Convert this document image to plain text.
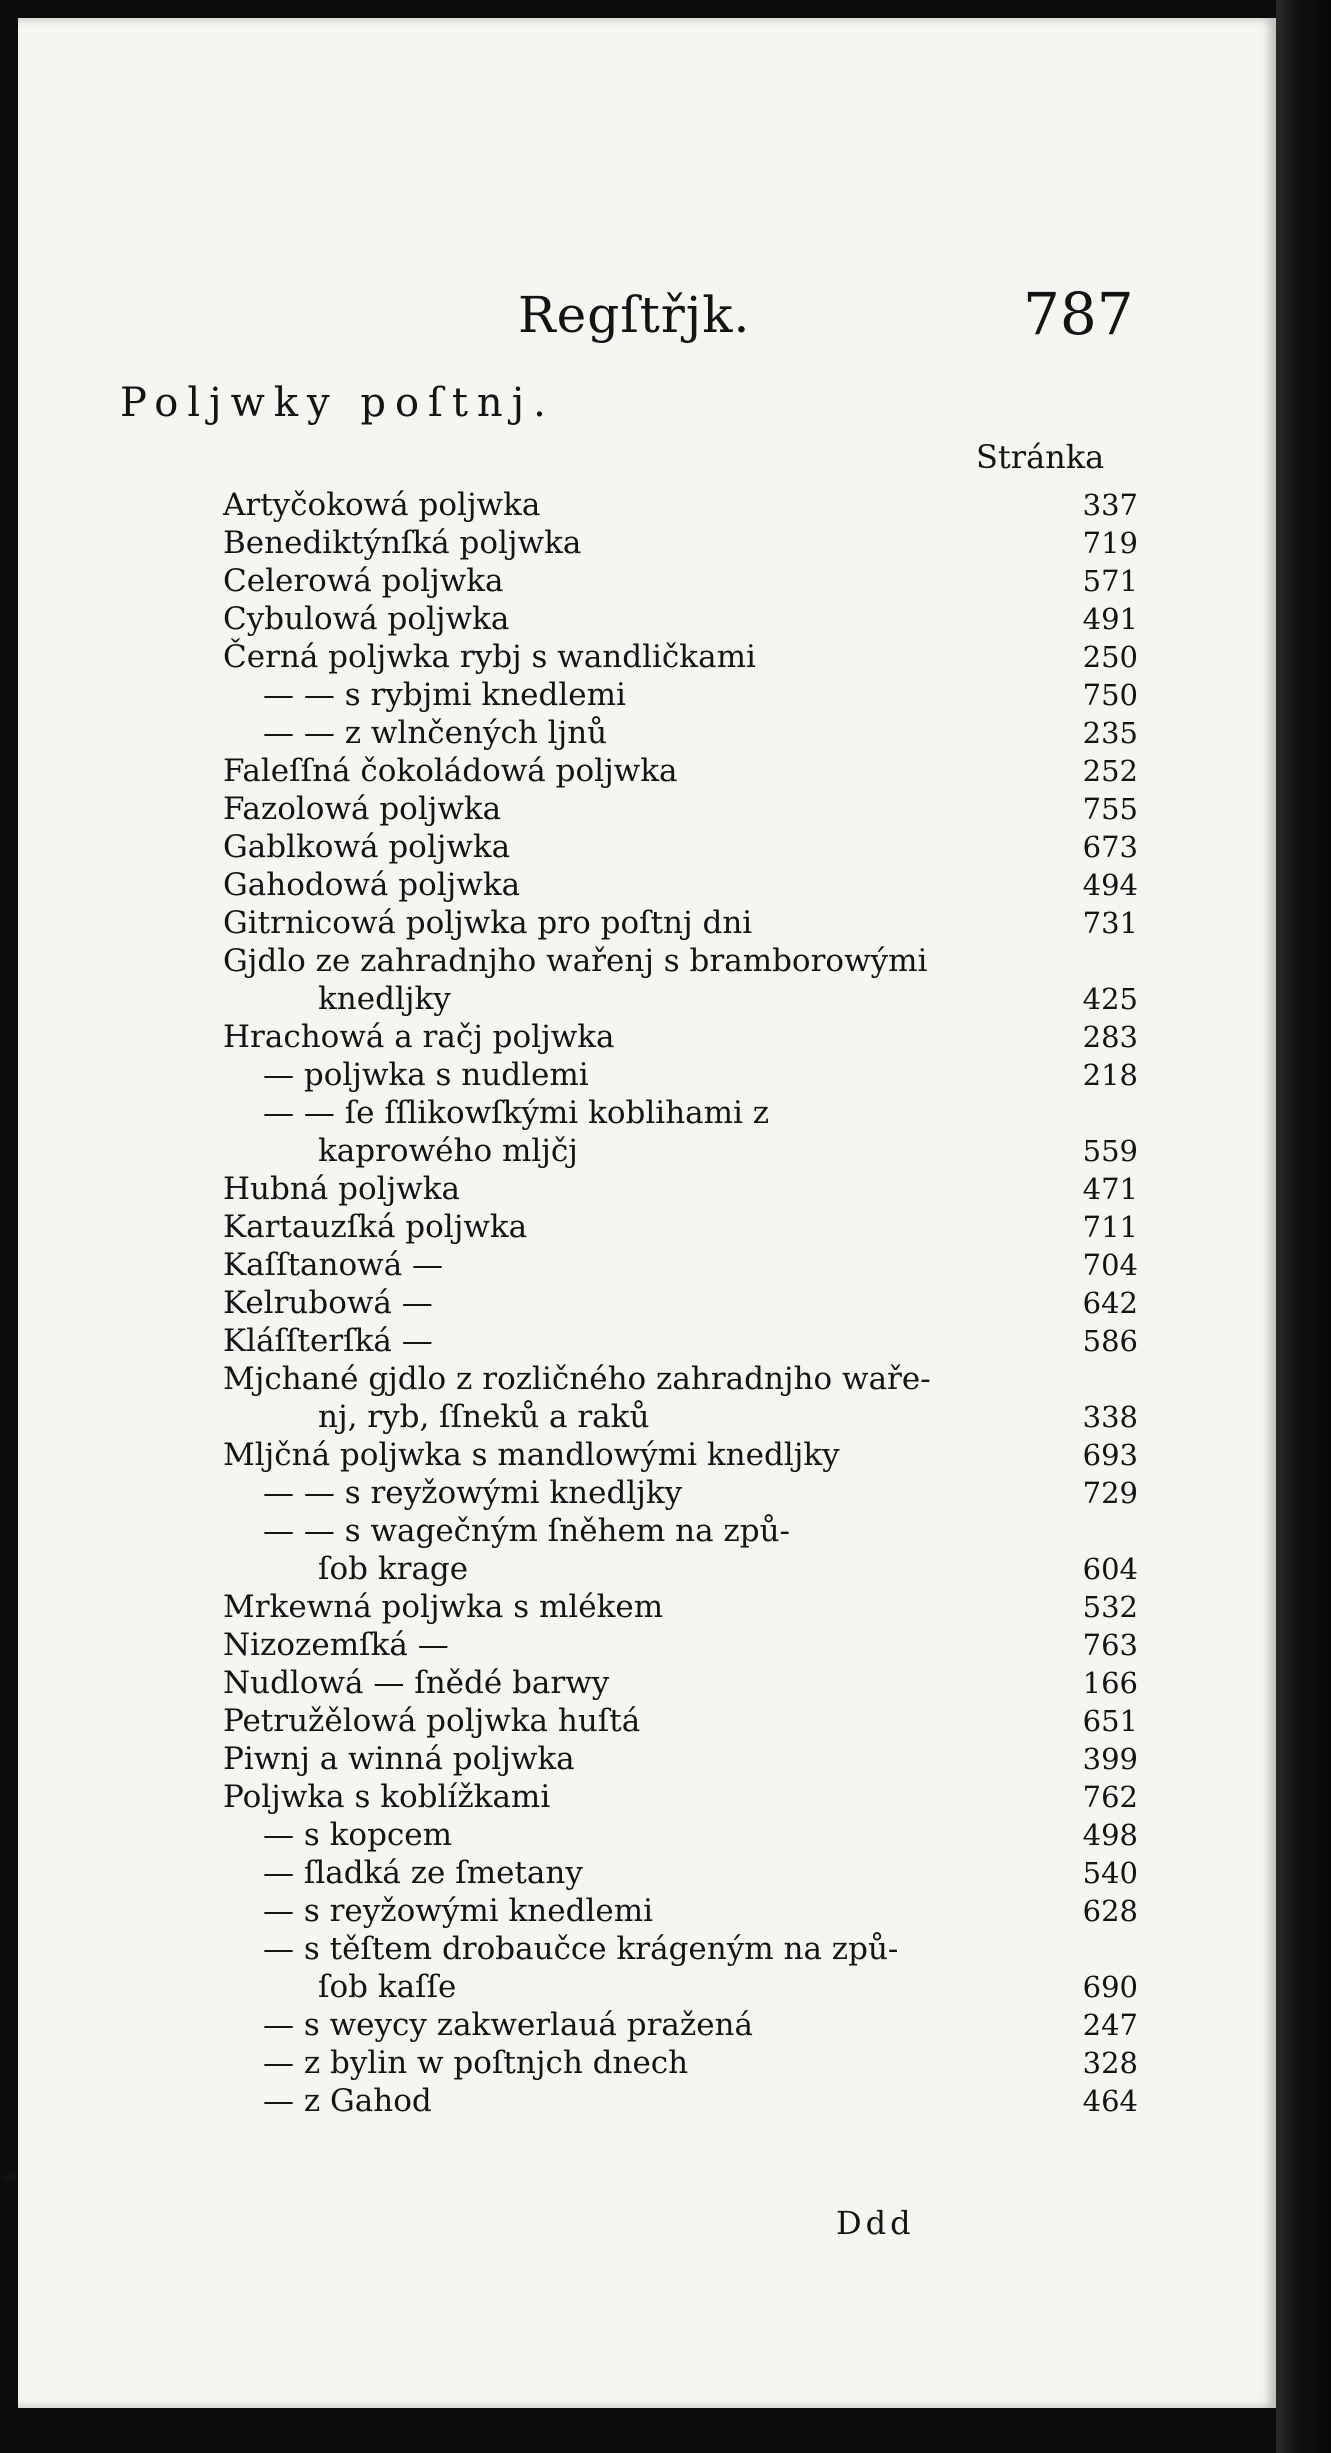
◂
Regſtřjk.	787
Poljwky poſtnj.
Stránka
Artyčokowá poljwka	337
Benediktýnſká poljwka	719
Celerowá poljwka	571
Cybulowá poljwka	491
Černá poljwka rybj s wandličkami	250
— — s rybjmi knedlemi	750
— — z wlnčených ljnů	235
Faleſſná čokoládowá poljwka	252
Fazolowá poljwka	755
Gablkowá poljwka	673
Gahodowá poljwka	494
Gitrnicowá poljwka pro poſtnj dni	731
Gjdlo ze zahradnjho wařenj s bramborowými
knedljky	425
Hrachowá a račj poljwka	283
— poljwka s nudlemi	218
— — ſe ſſlikowſkými koblihami z
kaprowého mljčj	559
Hubná poljwka	471
Kartauzſká poljwka	711
Kaſſtanowá —	704
Kelrubowá —	642
Kláſſterſká —	586
Mjchané gjdlo z rozličného zahradnjho waře-
nj, ryb, ſſneků a raků	338
Mljčná poljwka s mandlowými knedljky	693
— — s reyžowými knedljky	729
— — s wagečným ſněhem na způ-
ſob krage	604
Mrkewná poljwka s mlékem	532
Nizozemſká —	763
Nudlowá — ſnědé barwy	166
Petružělowá poljwka huſtá	651
Piwnj a winná poljwka	399
Poljwka s koblížkami	762
— s kopcem	498
— ſladká ze ſmetany	540
— s reyžowými knedlemi	628
— s těſtem drobaučce krágeným na způ-
ſob kaſſe	690
— s weycy zakwerlauá pražená	247
— z bylin w poſtnjch dnech	328
— z Gahod	464
Ddd
